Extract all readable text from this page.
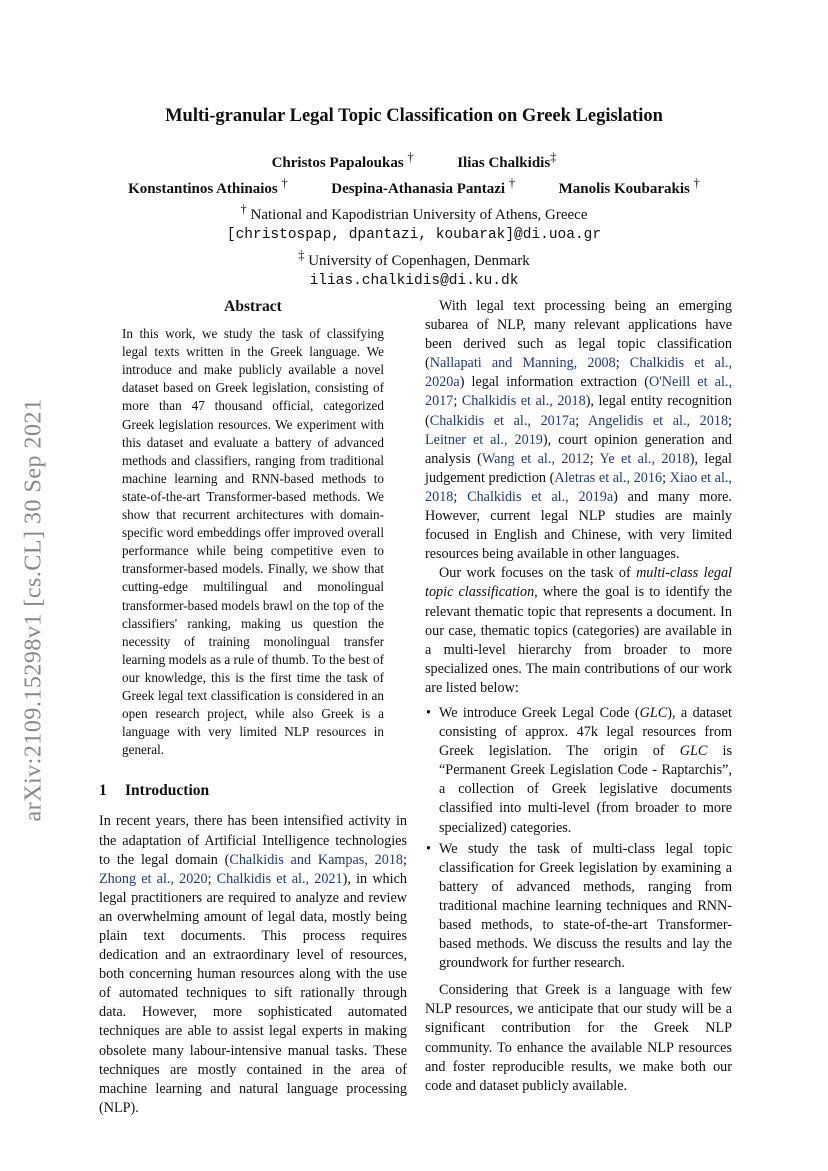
arXiv:2109.15298v1 [cs.CL] 30 Sep 2021
Multi-granular Legal Topic Classification on Greek Legislation
Christos Papaloukas †	Ilias Chalkidis‡
Konstantinos Athinaios †	Despina-Athanasia Pantazi †	Manolis Koubarakis †
† National and Kapodistrian University of Athens, Greece
[christospap, dpantazi, koubarak]@di.uoa.gr
‡ University of Copenhagen, Denmark
ilias.chalkidis@di.ku.dk
Abstract

In this work, we study the task of classifying legal texts written in the Greek language. We introduce and make publicly available a novel dataset based on Greek legislation, consisting of more than 47 thousand official, categorized Greek legislation resources. We experiment with this dataset and evaluate a battery of advanced methods and classifiers, ranging from traditional machine learning and RNN-based methods to state-of-the-art Transformer-based methods. We show that recurrent architectures with domain-specific word embeddings offer improved overall performance while being competitive even to transformer-based models. Finally, we show that cutting-edge multilingual and monolingual transformer-based models brawl on the top of the classifiers' ranking, making us question the necessity of training monolingual transfer learning models as a rule of thumb. To the best of our knowledge, this is the first time the task of Greek legal text classification is considered in an open research project, while also Greek is a language with very limited NLP resources in general.

1 Introduction

In recent years, there has been intensified activity in the adaptation of Artificial Intelligence technologies to the legal domain (Chalkidis and Kampas, 2018; Zhong et al., 2020; Chalkidis et al., 2021), in which legal practitioners are required to analyze and review an overwhelming amount of legal data, mostly being plain text documents. This process requires dedication and an extraordinary level of resources, both concerning human resources along with the use of automated techniques to sift rationally through data. However, more sophisticated automated techniques are able to assist legal experts in making obsolete many labour-intensive manual tasks. These techniques are mostly contained in the area of machine learning and natural language processing (NLP).

With legal text processing being an emerging subarea of NLP, many relevant applications have been derived such as legal topic classification (Nallapati and Manning, 2008; Chalkidis et al., 2020a) legal information extraction (O'Neill et al., 2017; Chalkidis et al., 2018), legal entity recognition (Chalkidis et al., 2017a; Angelidis et al., 2018; Leitner et al., 2019), court opinion generation and analysis (Wang et al., 2012; Ye et al., 2018), legal judgement prediction (Aletras et al., 2016; Xiao et al., 2018; Chalkidis et al., 2019a) and many more. However, current legal NLP studies are mainly focused in English and Chinese, with very limited resources being available in other languages.

Our work focuses on the task of multi-class legal topic classification, where the goal is to identify the relevant thematic topic that represents a document. In our case, thematic topics (categories) are available in a multi-level hierarchy from broader to more specialized ones. The main contributions of our work are listed below:

• We introduce Greek Legal Code (GLC), a dataset consisting of approx. 47k legal resources from Greek legislation. The origin of GLC is “Permanent Greek Legislation Code - Raptarchis”, a collection of Greek legislative documents classified into multi-level (from broader to more specialized) categories.
• We study the task of multi-class legal topic classification for Greek legislation by examining a battery of advanced methods, ranging from traditional machine learning techniques and RNN-based methods, to state-of-the-art Transformer-based methods. We discuss the results and lay the groundwork for further research.

Considering that Greek is a language with few NLP resources, we anticipate that our study will be a significant contribution for the Greek NLP community. To enhance the available NLP resources and foster reproducible results, we make both our code and dataset publicly available.
